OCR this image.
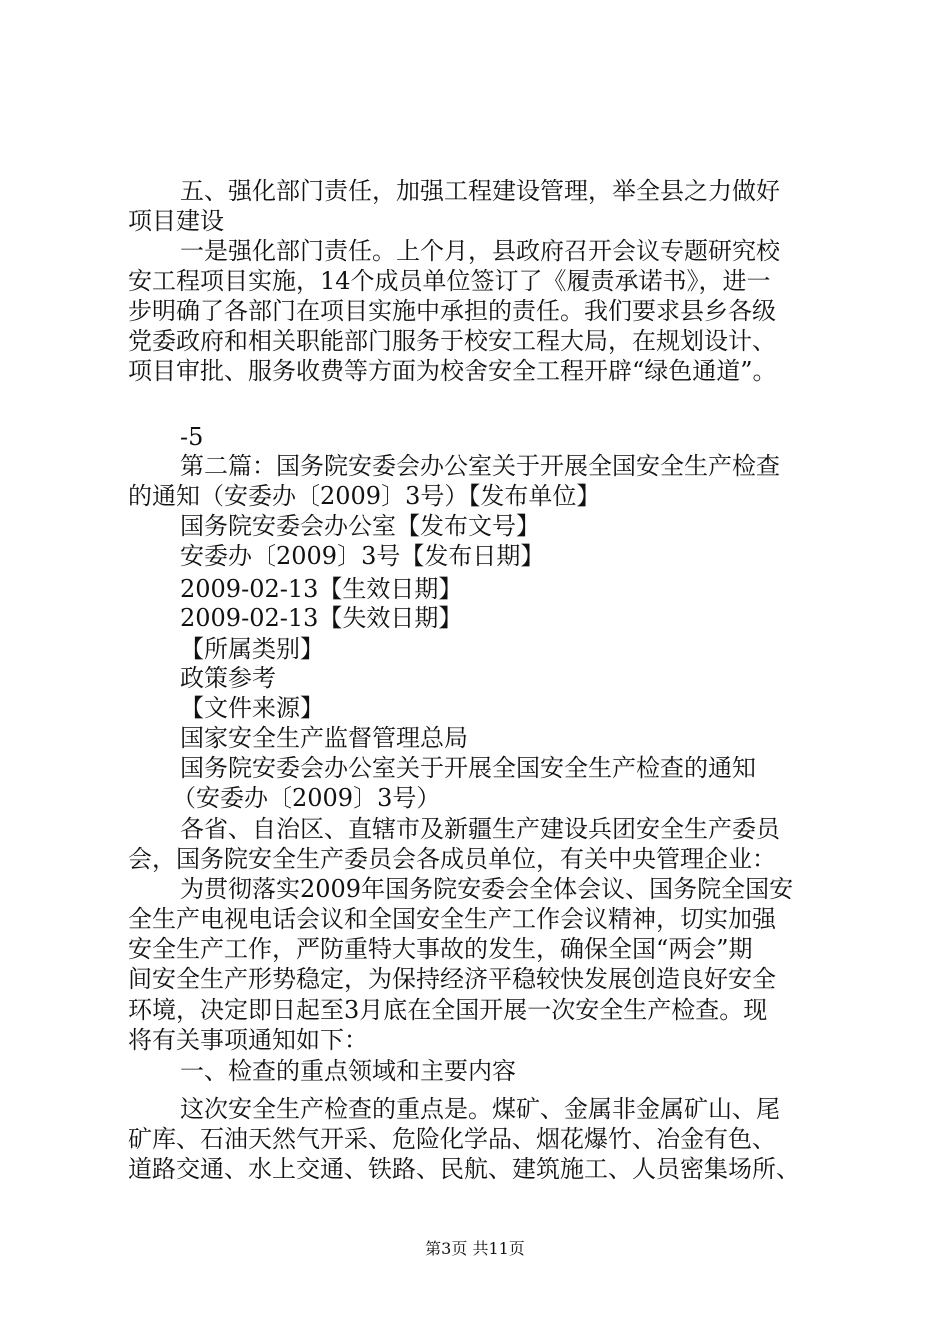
五、强化部门责任，加强工程建设管理，举全县之力做好
项目建设
一是强化部门责任。上个月，县政府召开会议专题研究校
安工程项目实施，14个成员单位签订了《履责承诺书》，进一
步明确了各部门在项目实施中承担的责任。我们要求县乡各级
党委政府和相关职能部门服务于校安工程大局，在规划设计、
项目审批、服务收费等方面为校舍安全工程开辟“绿色通道”。
-5
第二篇：国务院安委会办公室关于开展全国安全生产检查
的通知（安委办〔2009〕3号）【发布单位】
国务院安委会办公室【发布文号】
安委办〔2009〕3号【发布日期】
2009-02-13【生效日期】
2009-02-13【失效日期】
【所属类别】
政策参考
【文件来源】
国家安全生产监督管理总局
国务院安委会办公室关于开展全国安全生产检查的通知
（安委办〔2009〕3号）
各省、自治区、直辖市及新疆生产建设兵团安全生产委员
会，国务院安全生产委员会各成员单位，有关中央管理企业：
为贯彻落实2009年国务院安委会全体会议、国务院全国安
全生产电视电话会议和全国安全生产工作会议精神，切实加强
安全生产工作，严防重特大事故的发生，确保全国“两会”期
间安全生产形势稳定，为保持经济平稳较快发展创造良好安全
环境，决定即日起至3月底在全国开展一次安全生产检查。现
将有关事项通知如下：
一、检查的重点领域和主要内容
这次安全生产检查的重点是。煤矿、金属非金属矿山、尾
矿库、石油天然气开采、危险化学品、烟花爆竹、冶金有色、
道路交通、水上交通、铁路、民航、建筑施工、人员密集场所、
第3页 共11页
